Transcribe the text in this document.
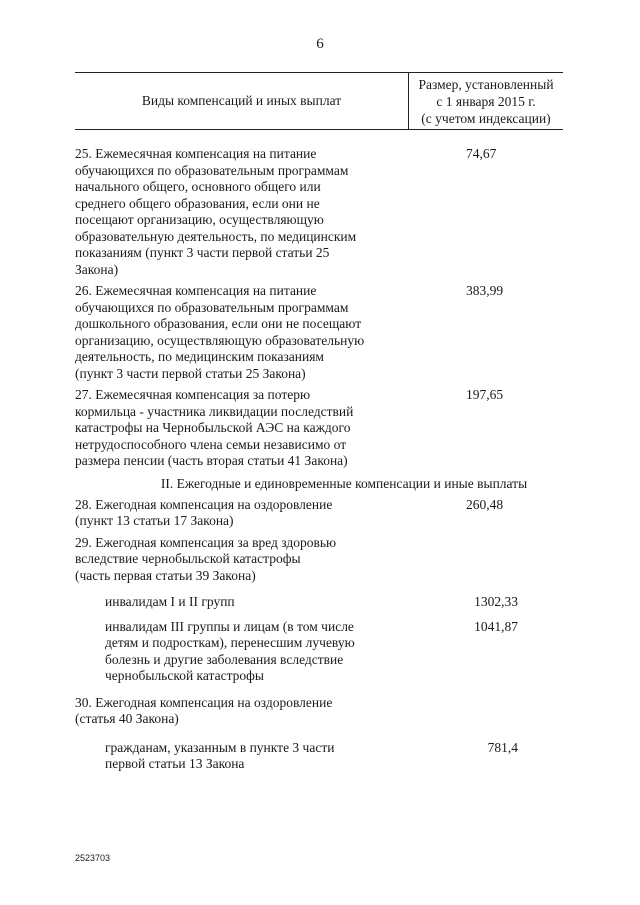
6
Виды компенсаций и иных выплат
Размер, установленный
с 1 января 2015 г.
(с учетом индексации)
25. Ежемесячная компенсация на питание
обучающихся по образовательным программам
начального общего, основного общего или
среднего общего образования, если они не
посещают организацию, осуществляющую
образовательную деятельность, по медицинским
показаниям (пункт 3 части первой статьи 25
Закона)
74,67
26. Ежемесячная компенсация на питание
обучающихся по образовательным программам
дошкольного образования, если они не посещают
организацию, осуществляющую образовательную
деятельность, по медицинским показаниям
(пункт 3 части первой статьи 25 Закона)
383,99
27. Ежемесячная компенсация за потерю
кормильца - участника ликвидации последствий
катастрофы на Чернобыльской АЭС на каждого
нетрудоспособного члена семьи независимо от
размера пенсии (часть вторая статьи 41 Закона)
197,65
II. Ежегодные и единовременные компенсации и иные выплаты
28. Ежегодная компенсация на оздоровление
(пункт 13 статьи 17 Закона)
260,48
29. Ежегодная компенсация за вред здоровью
вследствие чернобыльской катастрофы
(часть первая статьи 39 Закона)
инвалидам I и II групп	1302,33
инвалидам III группы и лицам (в том числе
детям и подросткам), перенесшим лучевую
болезнь и другие заболевания вследствие
чернобыльской катастрофы
1041,87
30. Ежегодная компенсация на оздоровление
(статья 40 Закона)
гражданам, указанным в пункте 3 части
первой статьи 13 Закона
781,4
2523703
